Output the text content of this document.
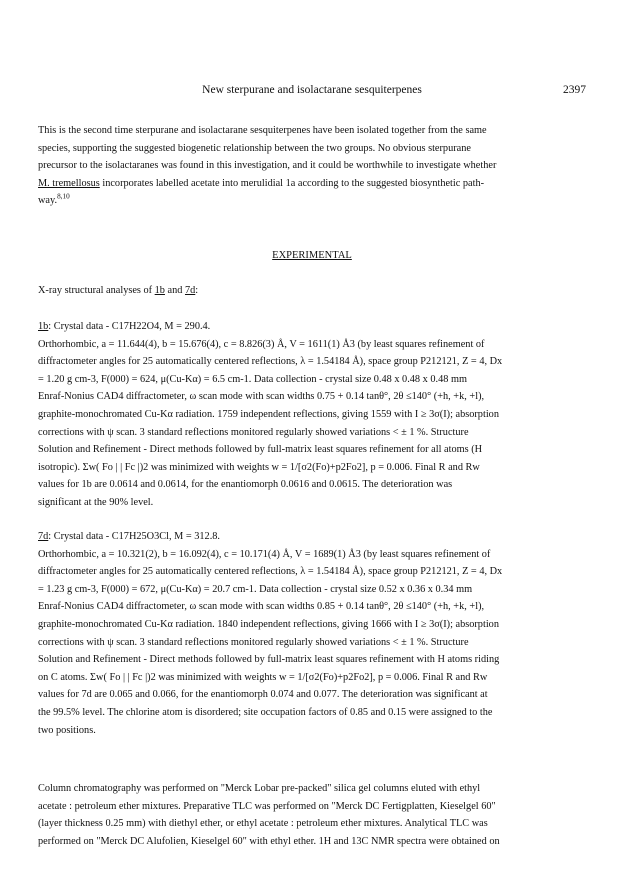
New sterpurane and isolactarane sesquiterpenes	2397

This is the second time sterpurane and isolactarane sesquiterpenes have been isolated together from the same

species, supporting the suggested biogenetic relationship between the two groups. No obvious sterpurane

precursor to the isolactaranes was found in this investigation, and it could be worthwhile to investigate whether

M. tremellosus incorporates labelled acetate into merulidial 1a according to the suggested biosynthetic path-

way.$^{8,10}$

EXPERIMENTAL

X-ray structural analyses of 1b and 7d:

1b: Crystal data - C17H22O4, M = 290.4.

Orthorhombic, a = 11.644(4), b = 15.676(4), c = 8.826(3) Å, V = 1611(1) Å3 (by least squares refinement of

diffractometer angles for 25 automatically centered reflections, λ = 1.54184 Å), space group P212121, Z = 4, Dx

= 1.20 g cm-3, F(000) = 624, μ(Cu-Kα) = 6.5 cm-1. Data collection - crystal size 0.48 x 0.48 x 0.48 mm

Enraf-Nonius CAD4 diffractometer, ω scan mode with scan widths 0.75 + 0.14 tanθ°, 2θ ≤140° (+h, +k, +l),

graphite-monochromated Cu-Kα radiation. 1759 independent reflections, giving 1559 with I ≥ 3σ(I); absorption

corrections with ψ scan. 3 standard reflections monitored regularly showed variations < ± 1 %. Structure

Solution and Refinement - Direct methods followed by full-matrix least squares refinement for all atoms (H

isotropic). Σw( Fo | | Fc |)2 was minimized with weights w = 1/[σ2(Fo)+p2Fo2], p = 0.006. Final R and Rw

values for 1b are 0.0614 and 0.0614, for the enantiomorph 0.0616 and 0.0615. The deterioration was

significant at the 90% level.

7d: Crystal data - C17H25O3Cl, M = 312.8.

Orthorhombic, a = 10.321(2), b = 16.092(4), c = 10.171(4) Å, V = 1689(1) Å3 (by least squares refinement of

diffractometer angles for 25 automatically centered reflections, λ = 1.54184 Å), space group P212121, Z = 4, Dx

= 1.23 g cm-3, F(000) = 672, μ(Cu-Kα) = 20.7 cm-1. Data collection - crystal size 0.52 x 0.36 x 0.34 mm

Enraf-Nonius CAD4 diffractometer, ω scan mode with scan widths 0.85 + 0.14 tanθ°, 2θ ≤140° (+h, +k, +l),

graphite-monochromated Cu-Kα radiation. 1840 independent reflections, giving 1666 with I ≥ 3σ(I); absorption

corrections with ψ scan. 3 standard reflections monitored regularly showed variations < ± 1 %. Structure

Solution and Refinement - Direct methods followed by full-matrix least squares refinement with H atoms riding

on C atoms. Σw( Fo | | Fc |)2 was minimized with weights w = 1/[σ2(Fo)+p2Fo2], p = 0.006. Final R and Rw

values for 7d are 0.065 and 0.066, for the enantiomorph 0.074 and 0.077. The deterioration was significant at

the 99.5% level. The chlorine atom is disordered; site occupation factors of 0.85 and 0.15 were assigned to the

two positions.

Column chromatography was performed on "Merck Lobar pre-packed" silica gel columns eluted with ethyl

acetate : petroleum ether mixtures. Preparative TLC was performed on "Merck DC Fertigplatten, Kieselgel 60"

(layer thickness 0.25 mm) with diethyl ether, or ethyl acetate : petroleum ether mixtures. Analytical TLC was

performed on "Merck DC Alufolien, Kieselgel 60" with ethyl ether. 1H and 13C NMR spectra were obtained on
